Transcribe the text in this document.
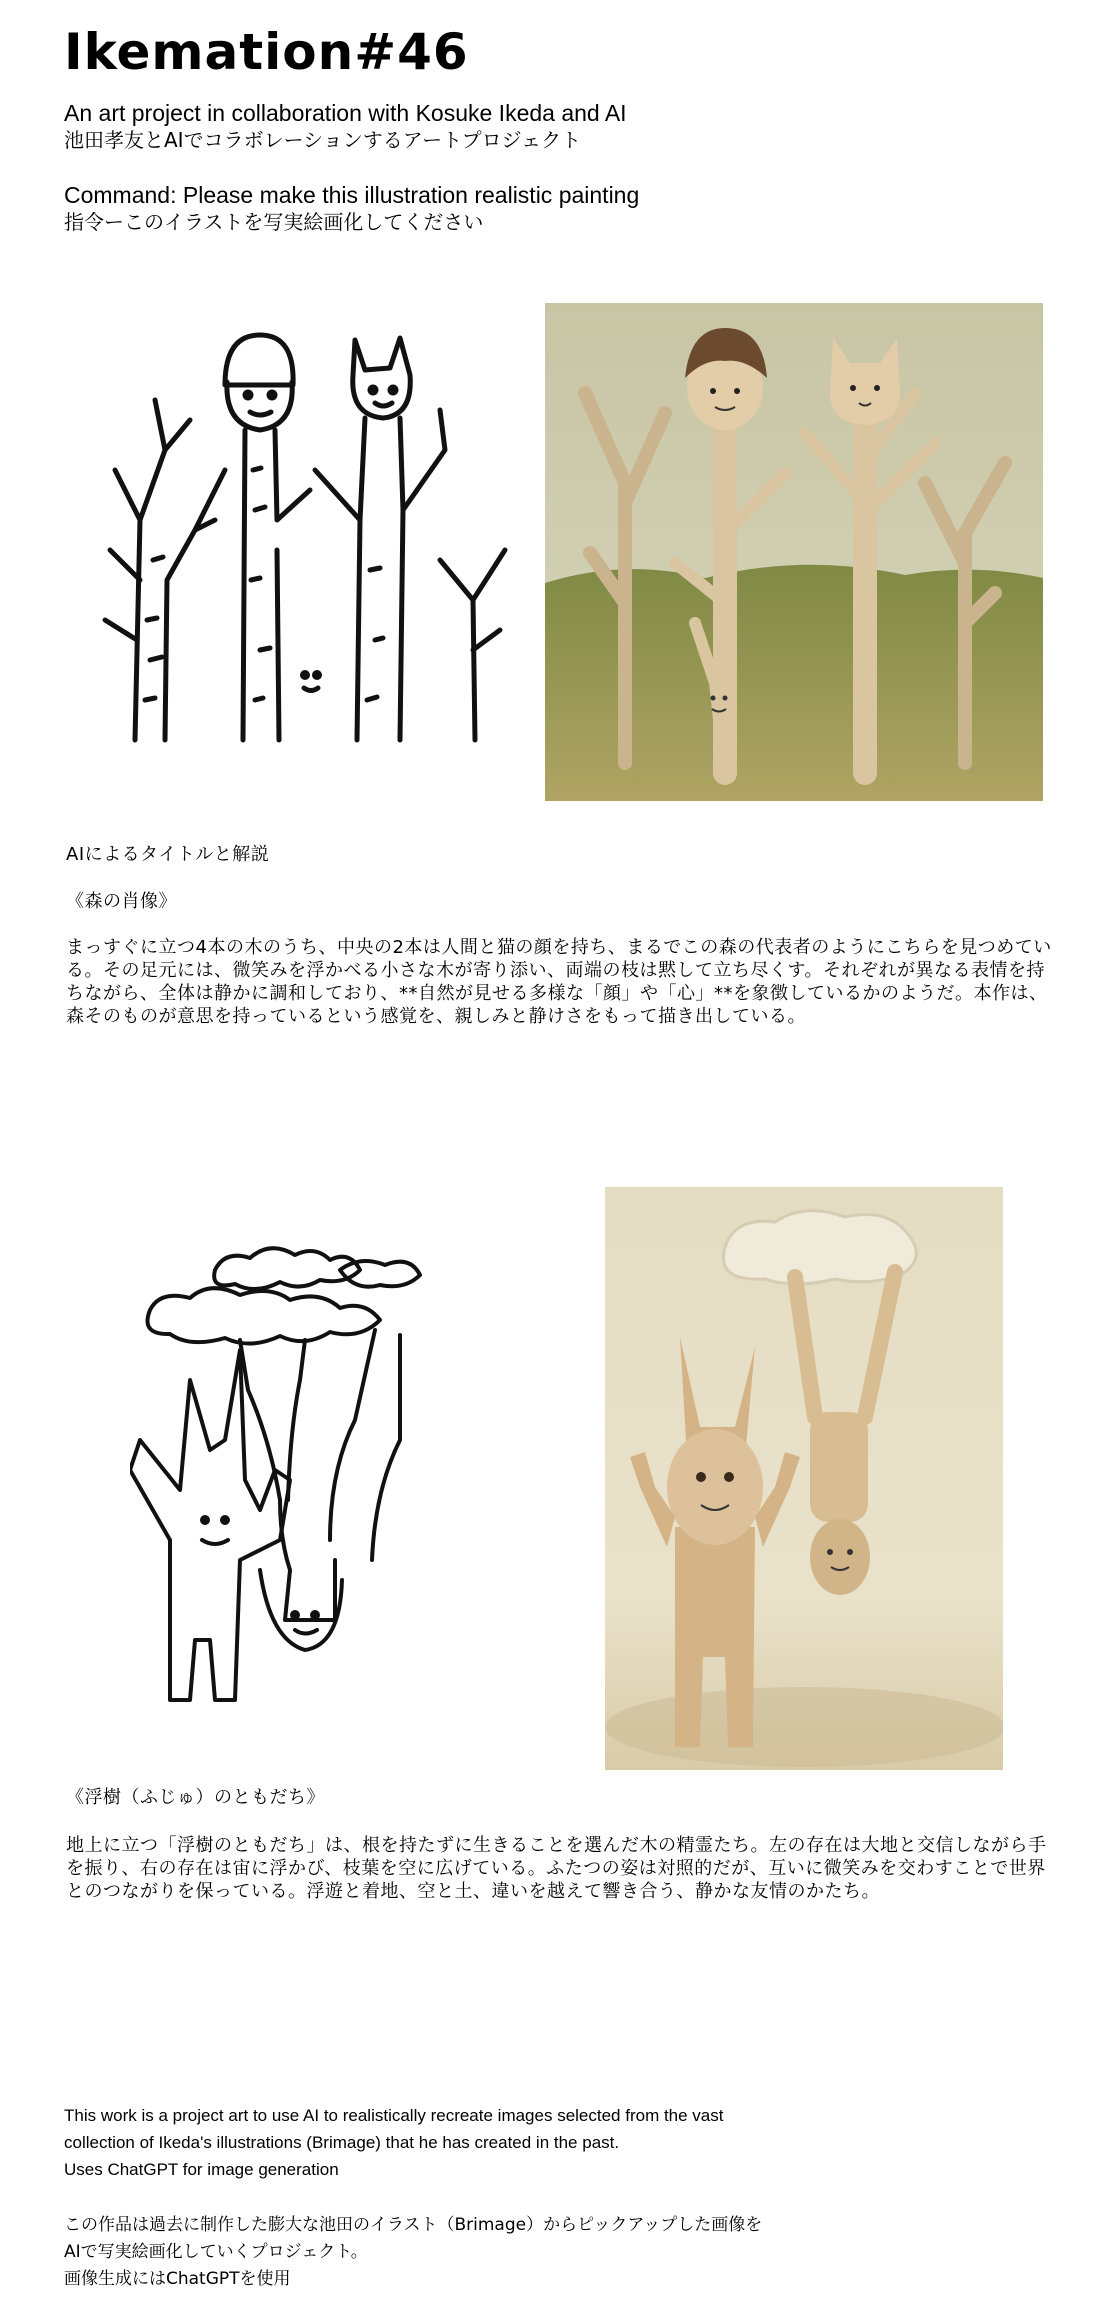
Ikemation#46
An art project in collaboration with Kosuke Ikeda and AI
池田孝友とAIでコラボレーションするアートプロジェクト
Command: Please make this illustration realistic painting
指令ーこのイラストを写実絵画化してください
AIによるタイトルと解説
《森の肖像》
まっすぐに立つ4本の木のうち、中央の2本は人間と猫の顔を持ち、まるでこの森の代表者のようにこちらを見つめている。その足元には、微笑みを浮かべる小さな木が寄り添い、両端の枝は黙して立ち尽くす。それぞれが異なる表情を持ちながら、全体は静かに調和しており、**自然が見せる多様な「顔」や「心」**を象徴しているかのようだ。本作は、森そのものが意思を持っているという感覚を、親しみと静けさをもって描き出している。
《浮樹（ふじゅ）のともだち》
地上に立つ「浮樹のともだち」は、根を持たずに生きることを選んだ木の精霊たち。左の存在は大地と交信しながら手を振り、右の存在は宙に浮かび、枝葉を空に広げている。ふたつの姿は対照的だが、互いに微笑みを交わすことで世界とのつながりを保っている。浮遊と着地、空と土、違いを越えて響き合う、静かな友情のかたち。
This work is a project art to use AI to realistically recreate images selected from the vast
collection of Ikeda's illustrations (Brimage) that he has created in the past.
Uses ChatGPT for image generation
この作品は過去に制作した膨大な池田のイラスト（Brimage）からピックアップした画像を
AIで写実絵画化していくプロジェクト。
画像生成にはChatGPTを使用
